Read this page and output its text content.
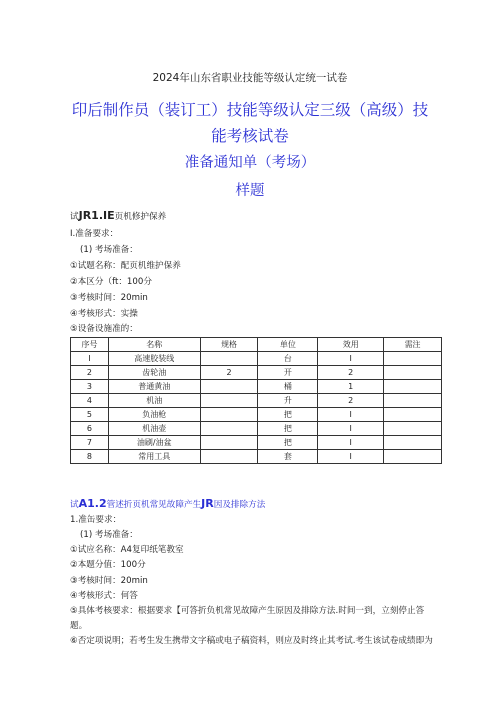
2024年山东省职业技能等级认定统一试卷
印后制作员（装订工）技能等级认定三级（高级）技
能考核试卷
准备通知单（考场）
样题
试JR1.IE页机修护保养
I.准备要求：
(1) 考场准备：
①试题名称：配页机维护保养
②本区分（ft：100分
③考核时间：20min
④考核形式：实操
⑤设备设施准的：
序号	名称	规格	单位	效用	需注
I	高速胶装线		台	I	
2	齿轮油	2	开	2	
3	普通黄油		桶	1	
4	机油		升	2	
5	负油枪		把	I	
6	机油壶		把	I	
7	油刷/油盆		把	I	
8	常用工具		套	I	
试A1.2管述折页机常见故障产生JR因及排除方法
1.准缶要求：
(1) 考场准备：
①试应名称：A4复印纸笔教室
②本题分值：100分
③考核时间：20min
④考核形式：何答
⑤具体考核要求：根据要求【可答折负机常见故障产生原因及排除方法.时间一到，立刻停止答
题。
⑥否定项说明；若考生发生携带文字稿或电子稿资料，则应及时终止其考试.考生该试卷成绩即为
